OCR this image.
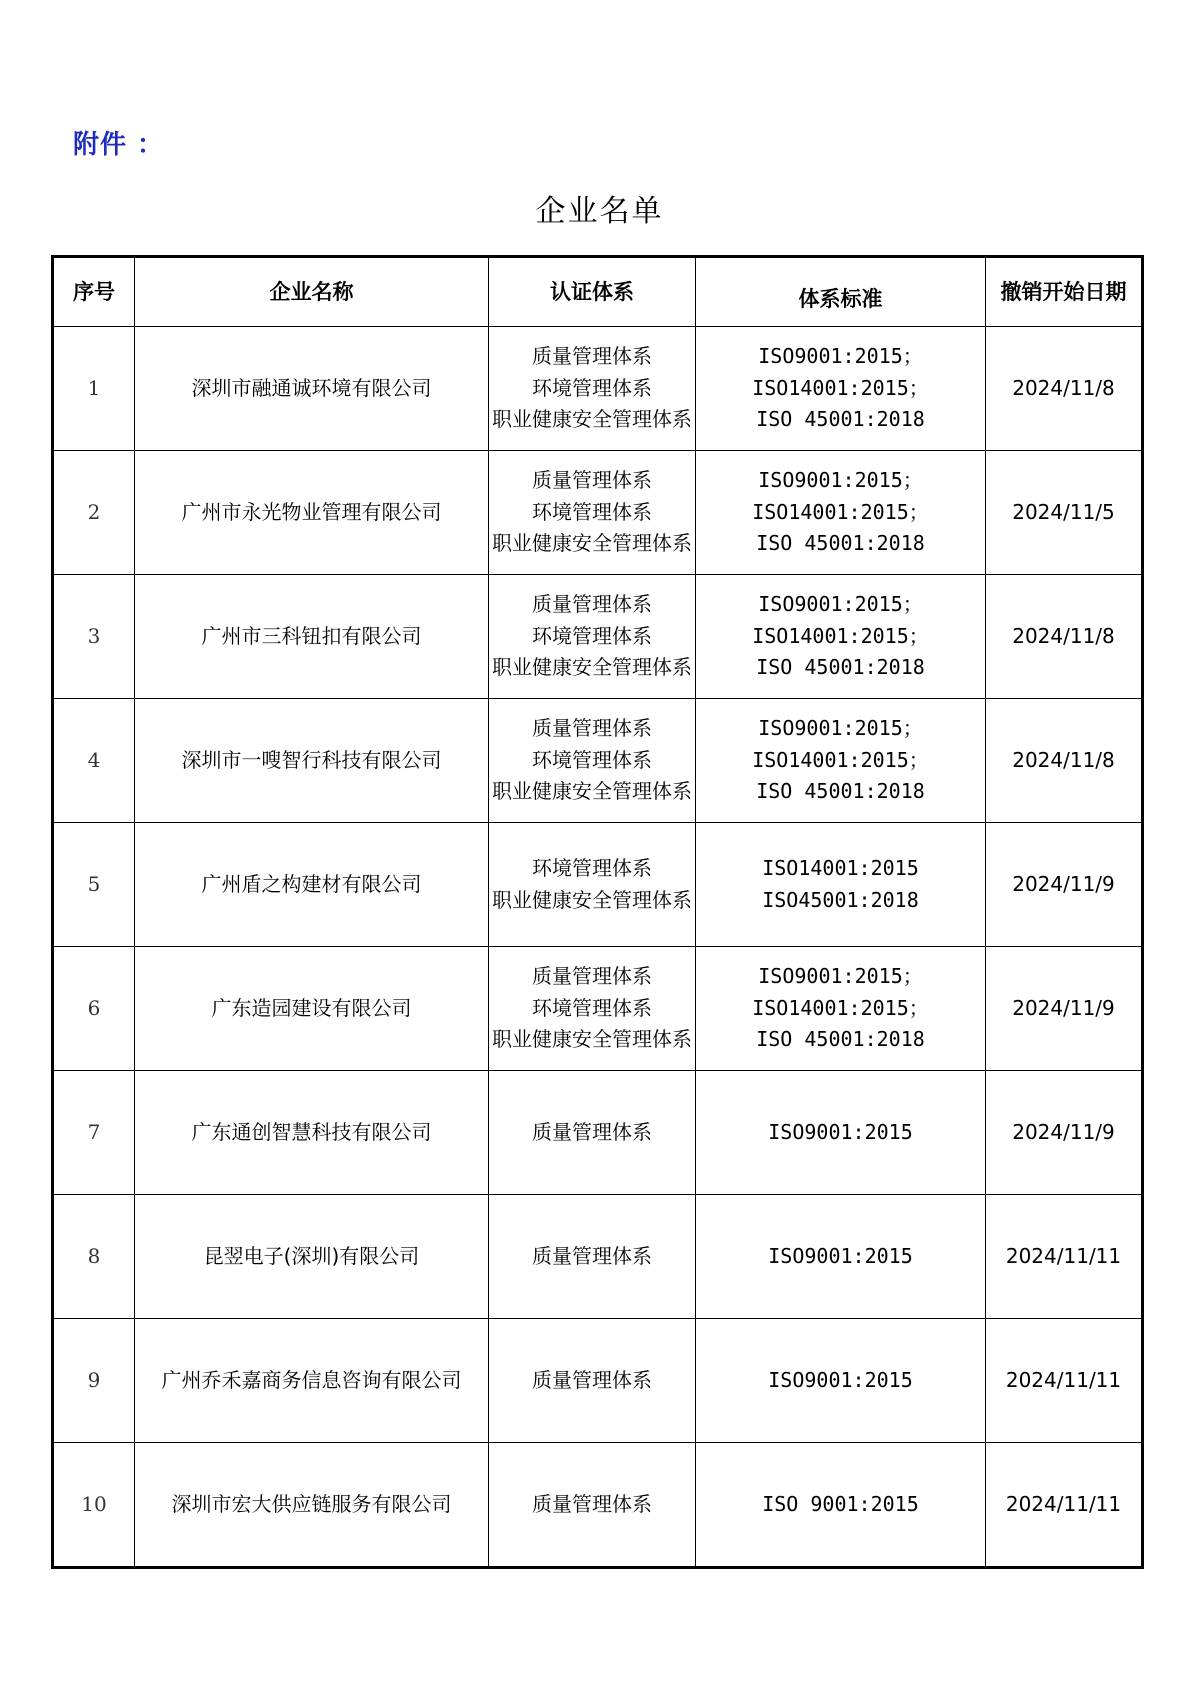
附件 ：
企业名单
序号	企业名称	认证体系	体系标准	撤销开始日期
1	深圳市融通诚环境有限公司	质量管理体系
环境管理体系
职业健康安全管理体系	ISO9001:2015；
ISO14001:2015；
ISO 45001:2018	2024/11/8
2	广州市永光物业管理有限公司	质量管理体系
环境管理体系
职业健康安全管理体系	ISO9001:2015；
ISO14001:2015；
ISO 45001:2018	2024/11/5
3	广州市三科钮扣有限公司	质量管理体系
环境管理体系
职业健康安全管理体系	ISO9001:2015；
ISO14001:2015；
ISO 45001:2018	2024/11/8
4	深圳市一嗖智行科技有限公司	质量管理体系
环境管理体系
职业健康安全管理体系	ISO9001:2015；
ISO14001:2015；
ISO 45001:2018	2024/11/8
5	广州盾之构建材有限公司	环境管理体系
职业健康安全管理体系	ISO14001:2015
ISO45001:2018	2024/11/9
6	广东造园建设有限公司	质量管理体系
环境管理体系
职业健康安全管理体系	ISO9001:2015；
ISO14001:2015；
ISO 45001:2018	2024/11/9
7	广东通创智慧科技有限公司	质量管理体系	ISO9001:2015	2024/11/9
8	昆翌电子(深圳)有限公司	质量管理体系	ISO9001:2015	2024/11/11
9	广州乔禾嘉商务信息咨询有限公司	质量管理体系	ISO9001:2015	2024/11/11
10	深圳市宏大供应链服务有限公司	质量管理体系	ISO 9001:2015	2024/11/11
